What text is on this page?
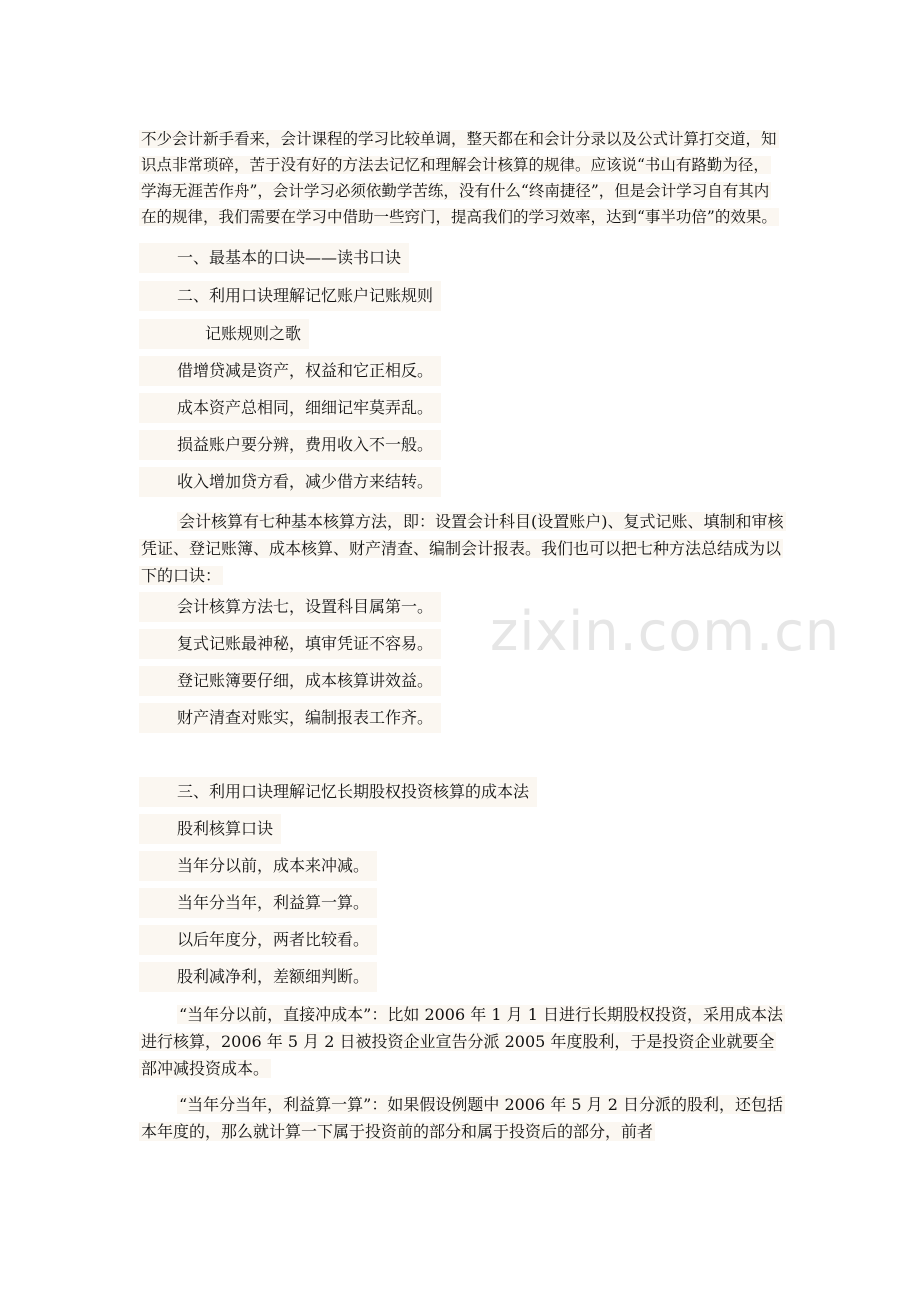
不少会计新手看来，会计课程的学习比较单调，整天都在和会计分录以及公式计算打交道，知识点非常琐碎，苦于没有好的方法去记忆和理解会计核算的规律。应该说“书山有路勤为径，学海无涯苦作舟”，会计学习必须依勤学苦练，没有什么“终南捷径”，但是会计学习自有其内在的规律，我们需要在学习中借助一些窍门，提高我们的学习效率，达到“事半功倍”的效果。

一、最基本的口诀——读书口诀
二、利用口诀理解记忆账户记账规则
记账规则之歌
借增贷减是资产，权益和它正相反。
成本资产总相同，细细记牢莫弄乱。
损益账户要分辨，费用收入不一般。
收入增加贷方看，减少借方来结转。

会计核算有七种基本核算方法，即：设置会计科目(设置账户)、复式记账、填制和审核凭证、登记账簿、成本核算、财产清查、编制会计报表。我们也可以把七种方法总结成为以下的口诀：

会计核算方法七，设置科目属第一。
复式记账最神秘，填审凭证不容易。
登记账簿要仔细，成本核算讲效益。
财产清查对账实，编制报表工作齐。
三、利用口诀理解记忆长期股权投资核算的成本法
股利核算口诀
当年分以前，成本来冲减。
当年分当年，利益算一算。
以后年度分，两者比较看。
股利减净利，差额细判断。

“当年分以前，直接冲成本”：比如 2006 年 1 月 1 日进行长期股权投资，采用成本法进行核算，2006 年 5 月 2 日被投资企业宣告分派 2005 年度股利，于是投资企业就要全部冲减投资成本。

“当年分当年，利益算一算”：如果假设例题中 2006 年 5 月 2 日分派的股利，还包括本年度的，那么就计算一下属于投资前的部分和属于投资后的部分，前者

zixin.com.cn
